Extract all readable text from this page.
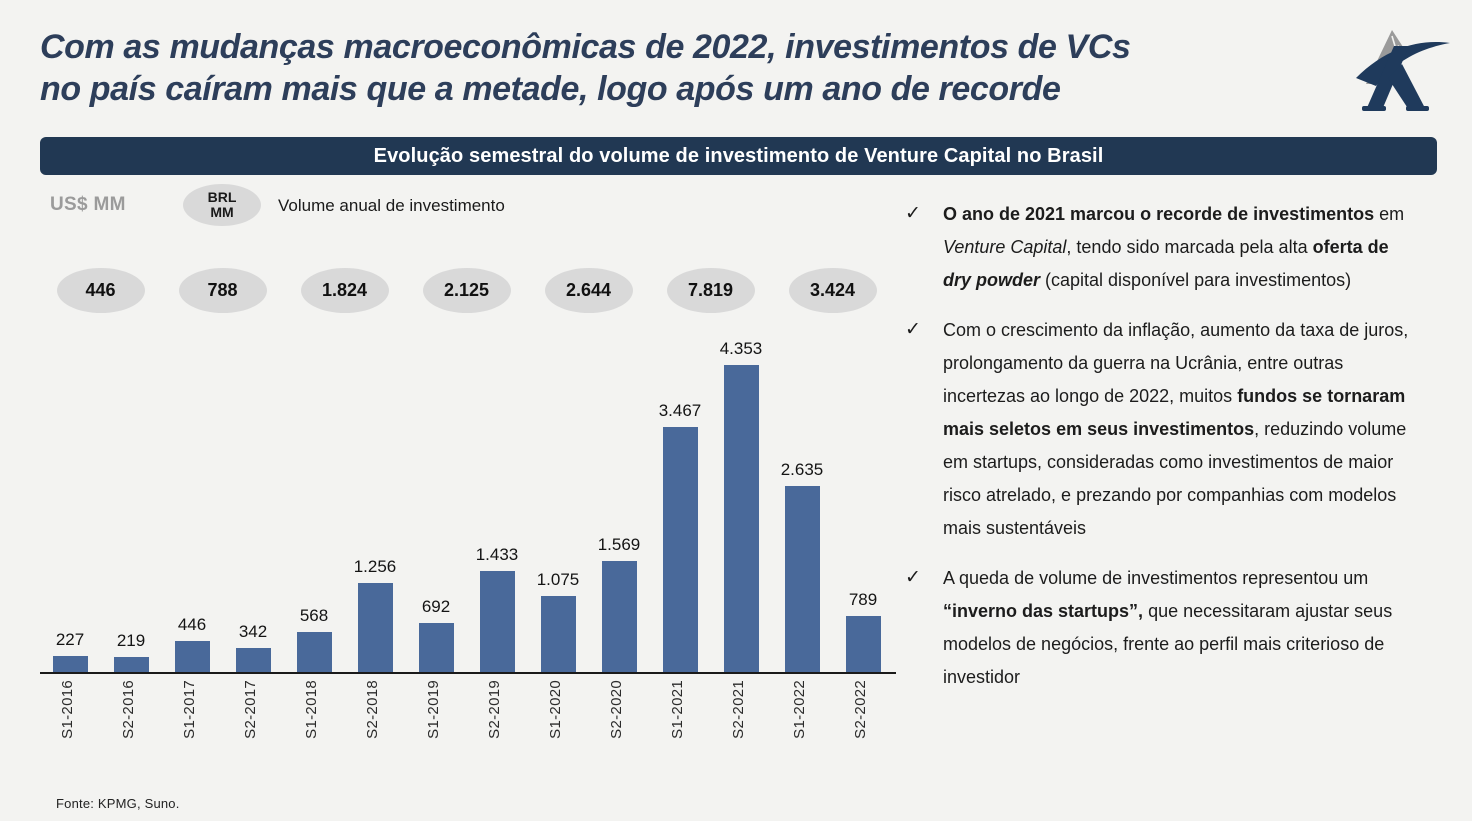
Com as mudanças macroeconômicas de 2022, investimentos de VCs
no país caíram mais que a metade, logo após um ano de recorde
Evolução semestral do volume de investimento de Venture Capital no Brasil
US$ MM	BRL
MM	Volume anual de investimento
446	788	1.824	2.125	2.644	7.819	3.424
227
S1-2016
219
S2-2016
446
S1-2017
342
S2-2017
568
S1-2018
1.256
S2-2018
692
S1-2019
1.433
S2-2019
1.075
S1-2020
1.569
S2-2020
3.467
S1-2021
4.353
S2-2021
2.635
S1-2022
789
S2-2022
✓	O ano de 2021 marcou o recorde de investimentos em Venture Capital, tendo sido marcada pela alta oferta de dry powder (capital disponível para investimentos)

✓	Com o crescimento da inflação, aumento da taxa de juros, prolongamento da guerra na Ucrânia, entre outras incertezas ao longo de 2022, muitos fundos se tornaram mais seletos em seus investimentos, reduzindo volume em startups, consideradas como investimentos de maior risco atrelado, e prezando por companhias com modelos mais sustentáveis

✓	A queda de volume de investimentos representou um “inverno das startups”, que necessitaram ajustar seus modelos de negócios, frente ao perfil mais criterioso de investidor

Fonte: KPMG, Suno.
